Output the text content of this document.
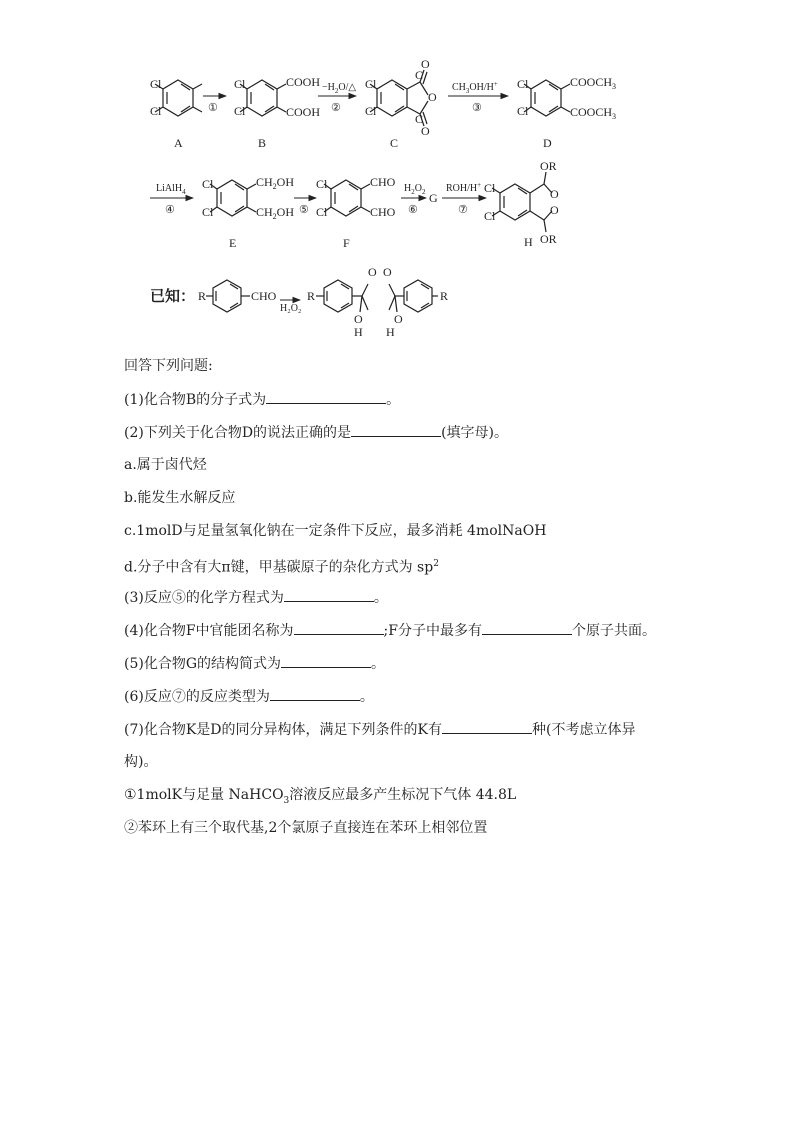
Cl
Cl
A
①
Cl
Cl
COOH
COOH
B
$-H_2O/\triangle$
②
Cl
Cl
O
C
O
C
O
C
$CH_3OH/H^+$
③
Cl
Cl
$COOCH_3$
$COOCH_3$
D
LiAlH$_4$
④
Cl
Cl
$CH_2OH$
$CH_2OH$
E
⑤
Cl
Cl
CHO
CHO
F
$H_2O_2$
⑥
G
ROH/H+
⑦
Cl
Cl
OR
OR
O
O
H
已知： R	CHO
H₂O₂
R
O O
O	O
H H
R

回答下列问题:

(1)化合物B的分子式为	。

(2)下列关于化合物D的说法正确的是	(填字母)。

a.属于卤代烃

b.能发生水解反应

c.1molD与足量氢氧化钠在一定条件下反应，最多消耗 4molNaOH

d.分子中含有大π键，甲基碳原子的杂化方式为 $sp^2$

(3)反应⑤的化学方程式为	。

(4)化合物F中官能团名称为	;F分子中最多有	个原子共面。

(5)化合物G的结构简式为	。

(6)反应⑦的反应类型为	。

(7)化合物K是D的同分异构体，满足下列条件的K有	种(不考虑立体异

构)。

①1molK与足量 NaHCO$_3$溶液反应最多产生标况下气体 44.8L

②苯环上有三个取代基,2个氯原子直接连在苯环上相邻位置
